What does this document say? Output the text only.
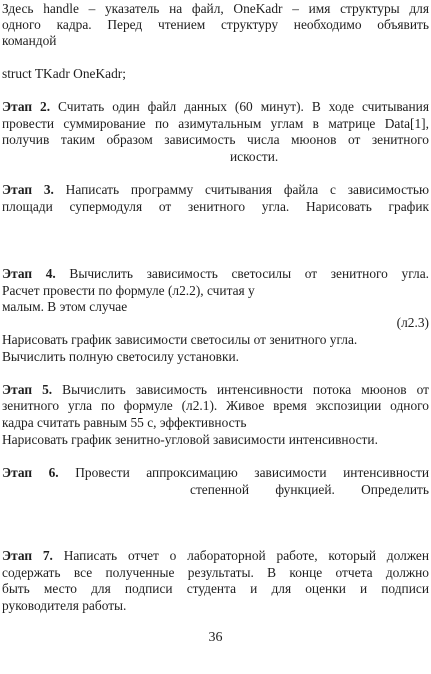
Здесь handle – указатель на файл, OneKadr – имя структуры для
одного кадра. Перед чтением структуру необходимо объявить
командой
struct TKadr OneKadr;
Этап 2. Считать один файл данных (60 минут). В ходе считывания
провести суммирование по азимутальным углам в матрице Data[1],
получив таким образом зависимость числа мюонов от зенитного
искости.
Этап 3. Написать программу считывания файла с зависимостью
площади супермодуля от зенитного угла. Нарисовать график
Этап 4. Вычислить зависимость светосилы от зенитного угла.
Расчет провести по формуле (л2.2), считая у
малым. В этом случае
(л2.3)
Нарисовать график зависимости светосилы от зенитного угла.
Вычислить полную светосилу установки.
Этап 5. Вычислить зависимость интенсивности потока мюонов от
зенитного угла по формуле (л2.1). Живое время экспозиции одного
кадра считать равным 55 с, эффективность
Нарисовать график зенитно-угловой зависимости интенсивности.
Этап 6. Провести аппроксимацию зависимости интенсивности
степенной функцией. Определить
Этап 7. Написать отчет о лабораторной работе, который должен
содержать все полученные результаты. В конце отчета должно
быть место для подписи студента и для оценки и подписи
руководителя работы.
36
